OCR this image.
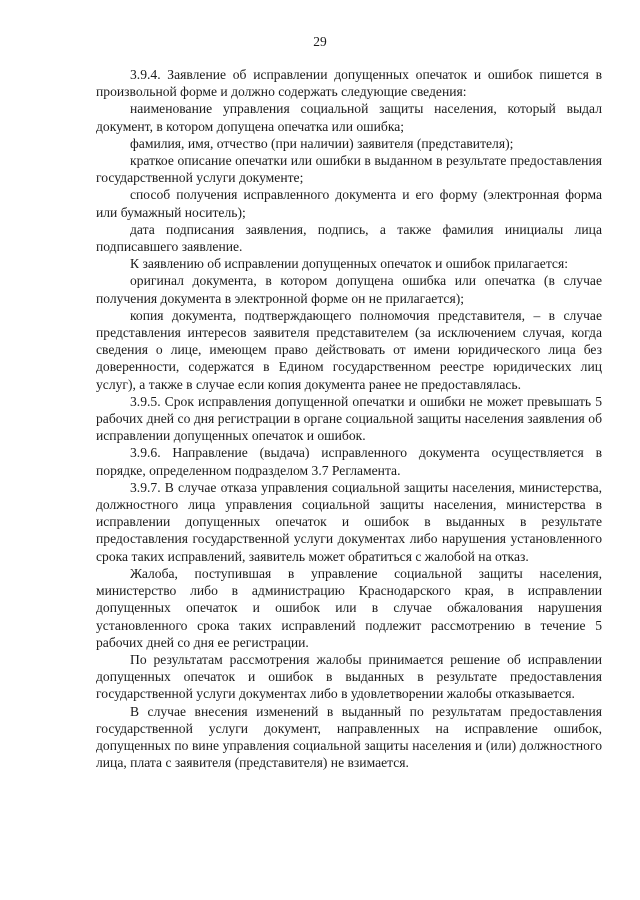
29

3.9.4. Заявление об исправлении допущенных опечаток и ошибок пишется в произвольной форме и должно содержать следующие сведения:

наименование управления социальной защиты населения, который выдал документ, в котором допущена опечатка или ошибка;

фамилия, имя, отчество (при наличии) заявителя (представителя);

краткое описание опечатки или ошибки в выданном в результате предоставления государственной услуги документе;

способ получения исправленного документа и его форму (электронная форма или бумажный носитель);

дата подписания заявления, подпись, а также фамилия инициалы лица подписавшего заявление.

К заявлению об исправлении допущенных опечаток и ошибок прилагается:

оригинал документа, в котором допущена ошибка или опечатка (в случае получения документа в электронной форме он не прилагается);

копия документа, подтверждающего полномочия представителя, – в случае представления интересов заявителя представителем (за исключением случая, когда сведения о лице, имеющем право действовать от имени юридического лица без доверенности, содержатся в Едином государственном реестре юридических лиц услуг), а также в случае если копия документа ранее не предоставлялась.

3.9.5. Срок исправления допущенной опечатки и ошибки не может превышать 5 рабочих дней со дня регистрации в органе социальной защиты населения заявления об исправлении допущенных опечаток и ошибок.

3.9.6. Направление (выдача) исправленного документа осуществляется в порядке, определенном подразделом 3.7 Регламента.

3.9.7. В случае отказа управления социальной защиты населения, министерства, должностного лица управления социальной защиты населения, министерства в исправлении допущенных опечаток и ошибок в выданных в результате предоставления государственной услуги документах либо нарушения установленного срока таких исправлений, заявитель может обратиться с жалобой на отказ.

Жалоба, поступившая в управление социальной защиты населения, министерство либо в администрацию Краснодарского края, в исправлении допущенных опечаток и ошибок или в случае обжалования нарушения установленного срока таких исправлений подлежит рассмотрению в течение 5 рабочих дней со дня ее регистрации.

По результатам рассмотрения жалобы принимается решение об исправлении допущенных опечаток и ошибок в выданных в результате предоставления государственной услуги документах либо в удовлетворении жалобы отказывается.

В случае внесения изменений в выданный по результатам предоставления государственной услуги документ, направленных на исправление ошибок, допущенных по вине управления социальной защиты населения и (или) должностного лица, плата с заявителя (представителя) не взимается.
